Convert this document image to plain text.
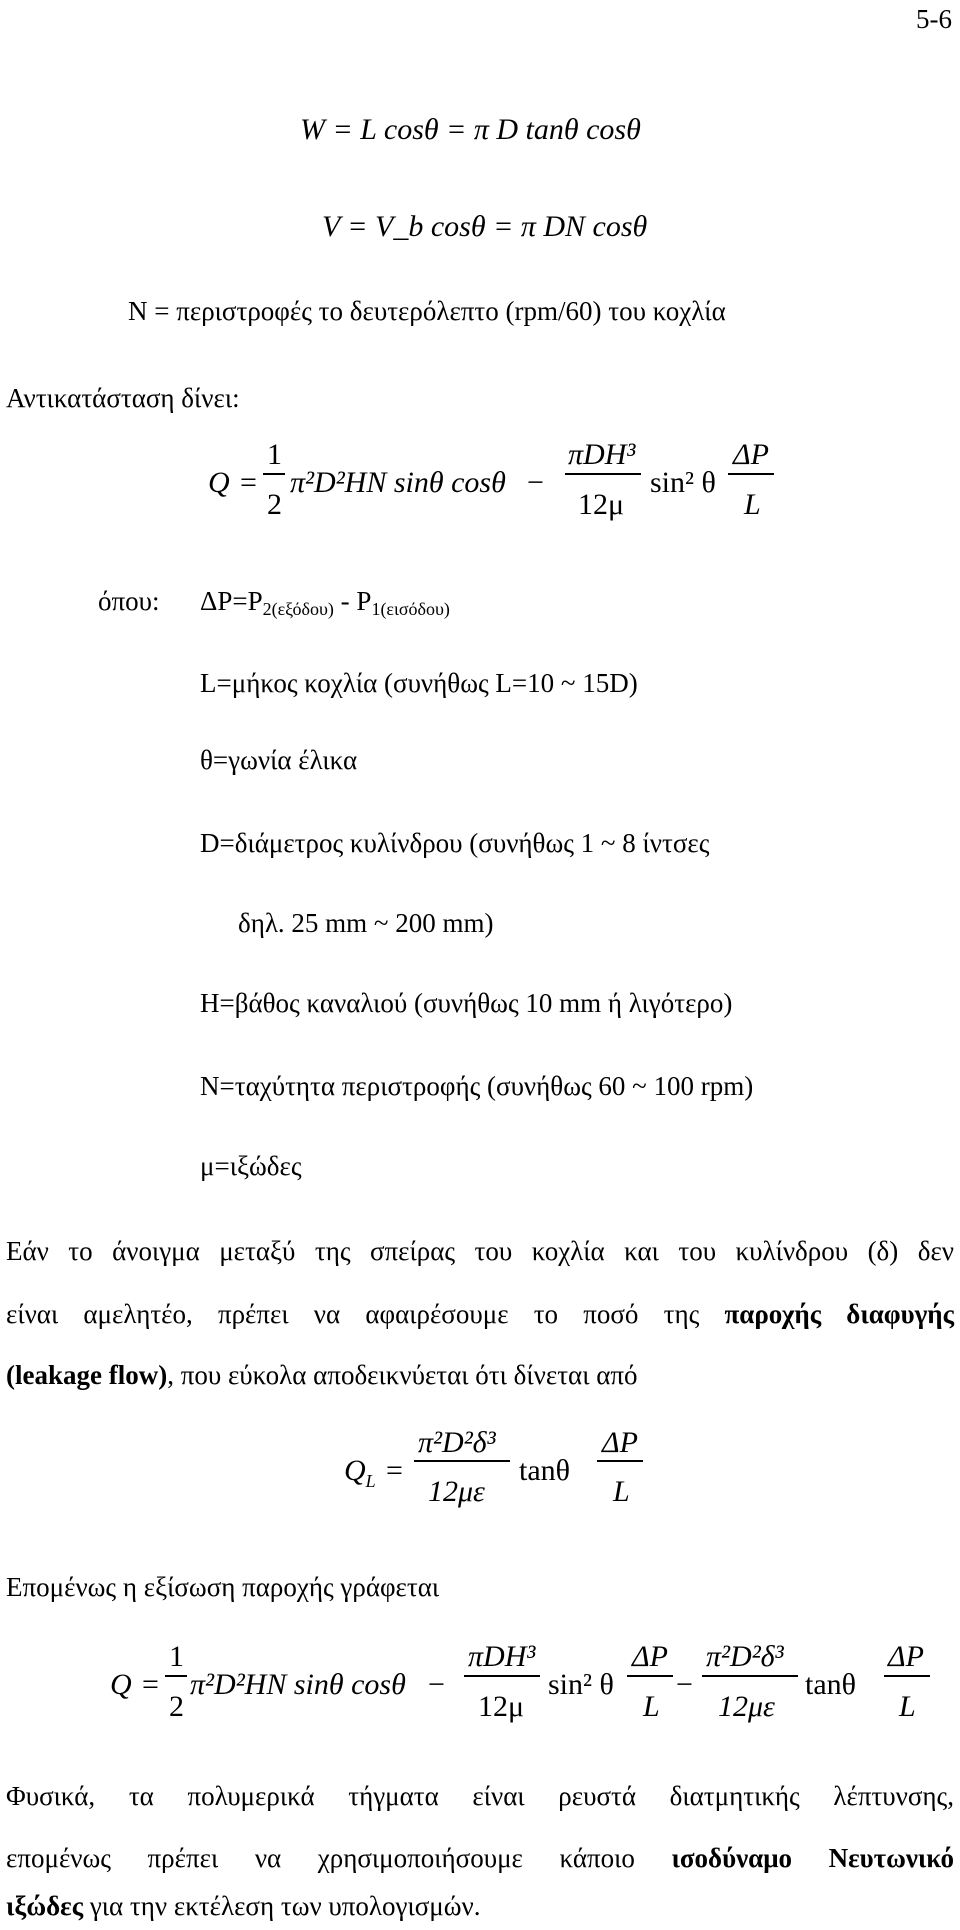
5-6
W = L cosθ = π D tanθ cosθ
V = V_b cosθ = π DN cosθ
N = περιστροφές το δευτερόλεπτο (rpm/60) του κοχλία
Αντικατάσταση δίνει:
Q =
1
2
π²D²HN sinθ cosθ −
πDH³
12μ
sin² θ
ΔP
L
όπου: $\Delta P=P_{2(\varepsilon\xi ό\delta o\upsilon)} - P_{1(\varepsilon\iota\sigma ό\delta o\upsilon)}$
L=μήκος κοχλία (συνήθως L=10 ~ 15D)
θ=γωνία έλικα
D=διάμετρος κυλίνδρου (συνήθως 1 ~ 8 ίντσες
δηλ. 25 mm ~ 200 mm)
H=βάθος καναλιού (συνήθως 10 mm ή λιγότερο)
N=ταχύτητα περιστροφής (συνήθως 60 ~ 100 rpm)
μ=ιξώδες
Εάν το άνοιγμα μεταξύ της σπείρας του κοχλία και του κυλίνδρου (δ) δεν
είναι αμελητέο, πρέπει να αφαιρέσουμε το ποσό της παροχής διαφυγής
(leakage flow), που εύκολα αποδεικνύεται ότι δίνεται από
$Q_L$ =
π²D²δ³
12με
tanθ
ΔP
L
Επομένως η εξίσωση παροχής γράφεται
Q =
1
2
π²D²HN sinθ cosθ −
πDH³
12μ
sin² θ
ΔP
L
−
π²D²δ³
12με
tanθ
ΔP
L
Φυσικά, τα πολυμερικά τήγματα είναι ρευστά διατμητικής λέπτυνσης,
επομένως πρέπει να χρησιμοποιήσουμε κάποιο ισοδύναμο Νευτωνικό
ιξώδες για την εκτέλεση των υπολογισμών.
